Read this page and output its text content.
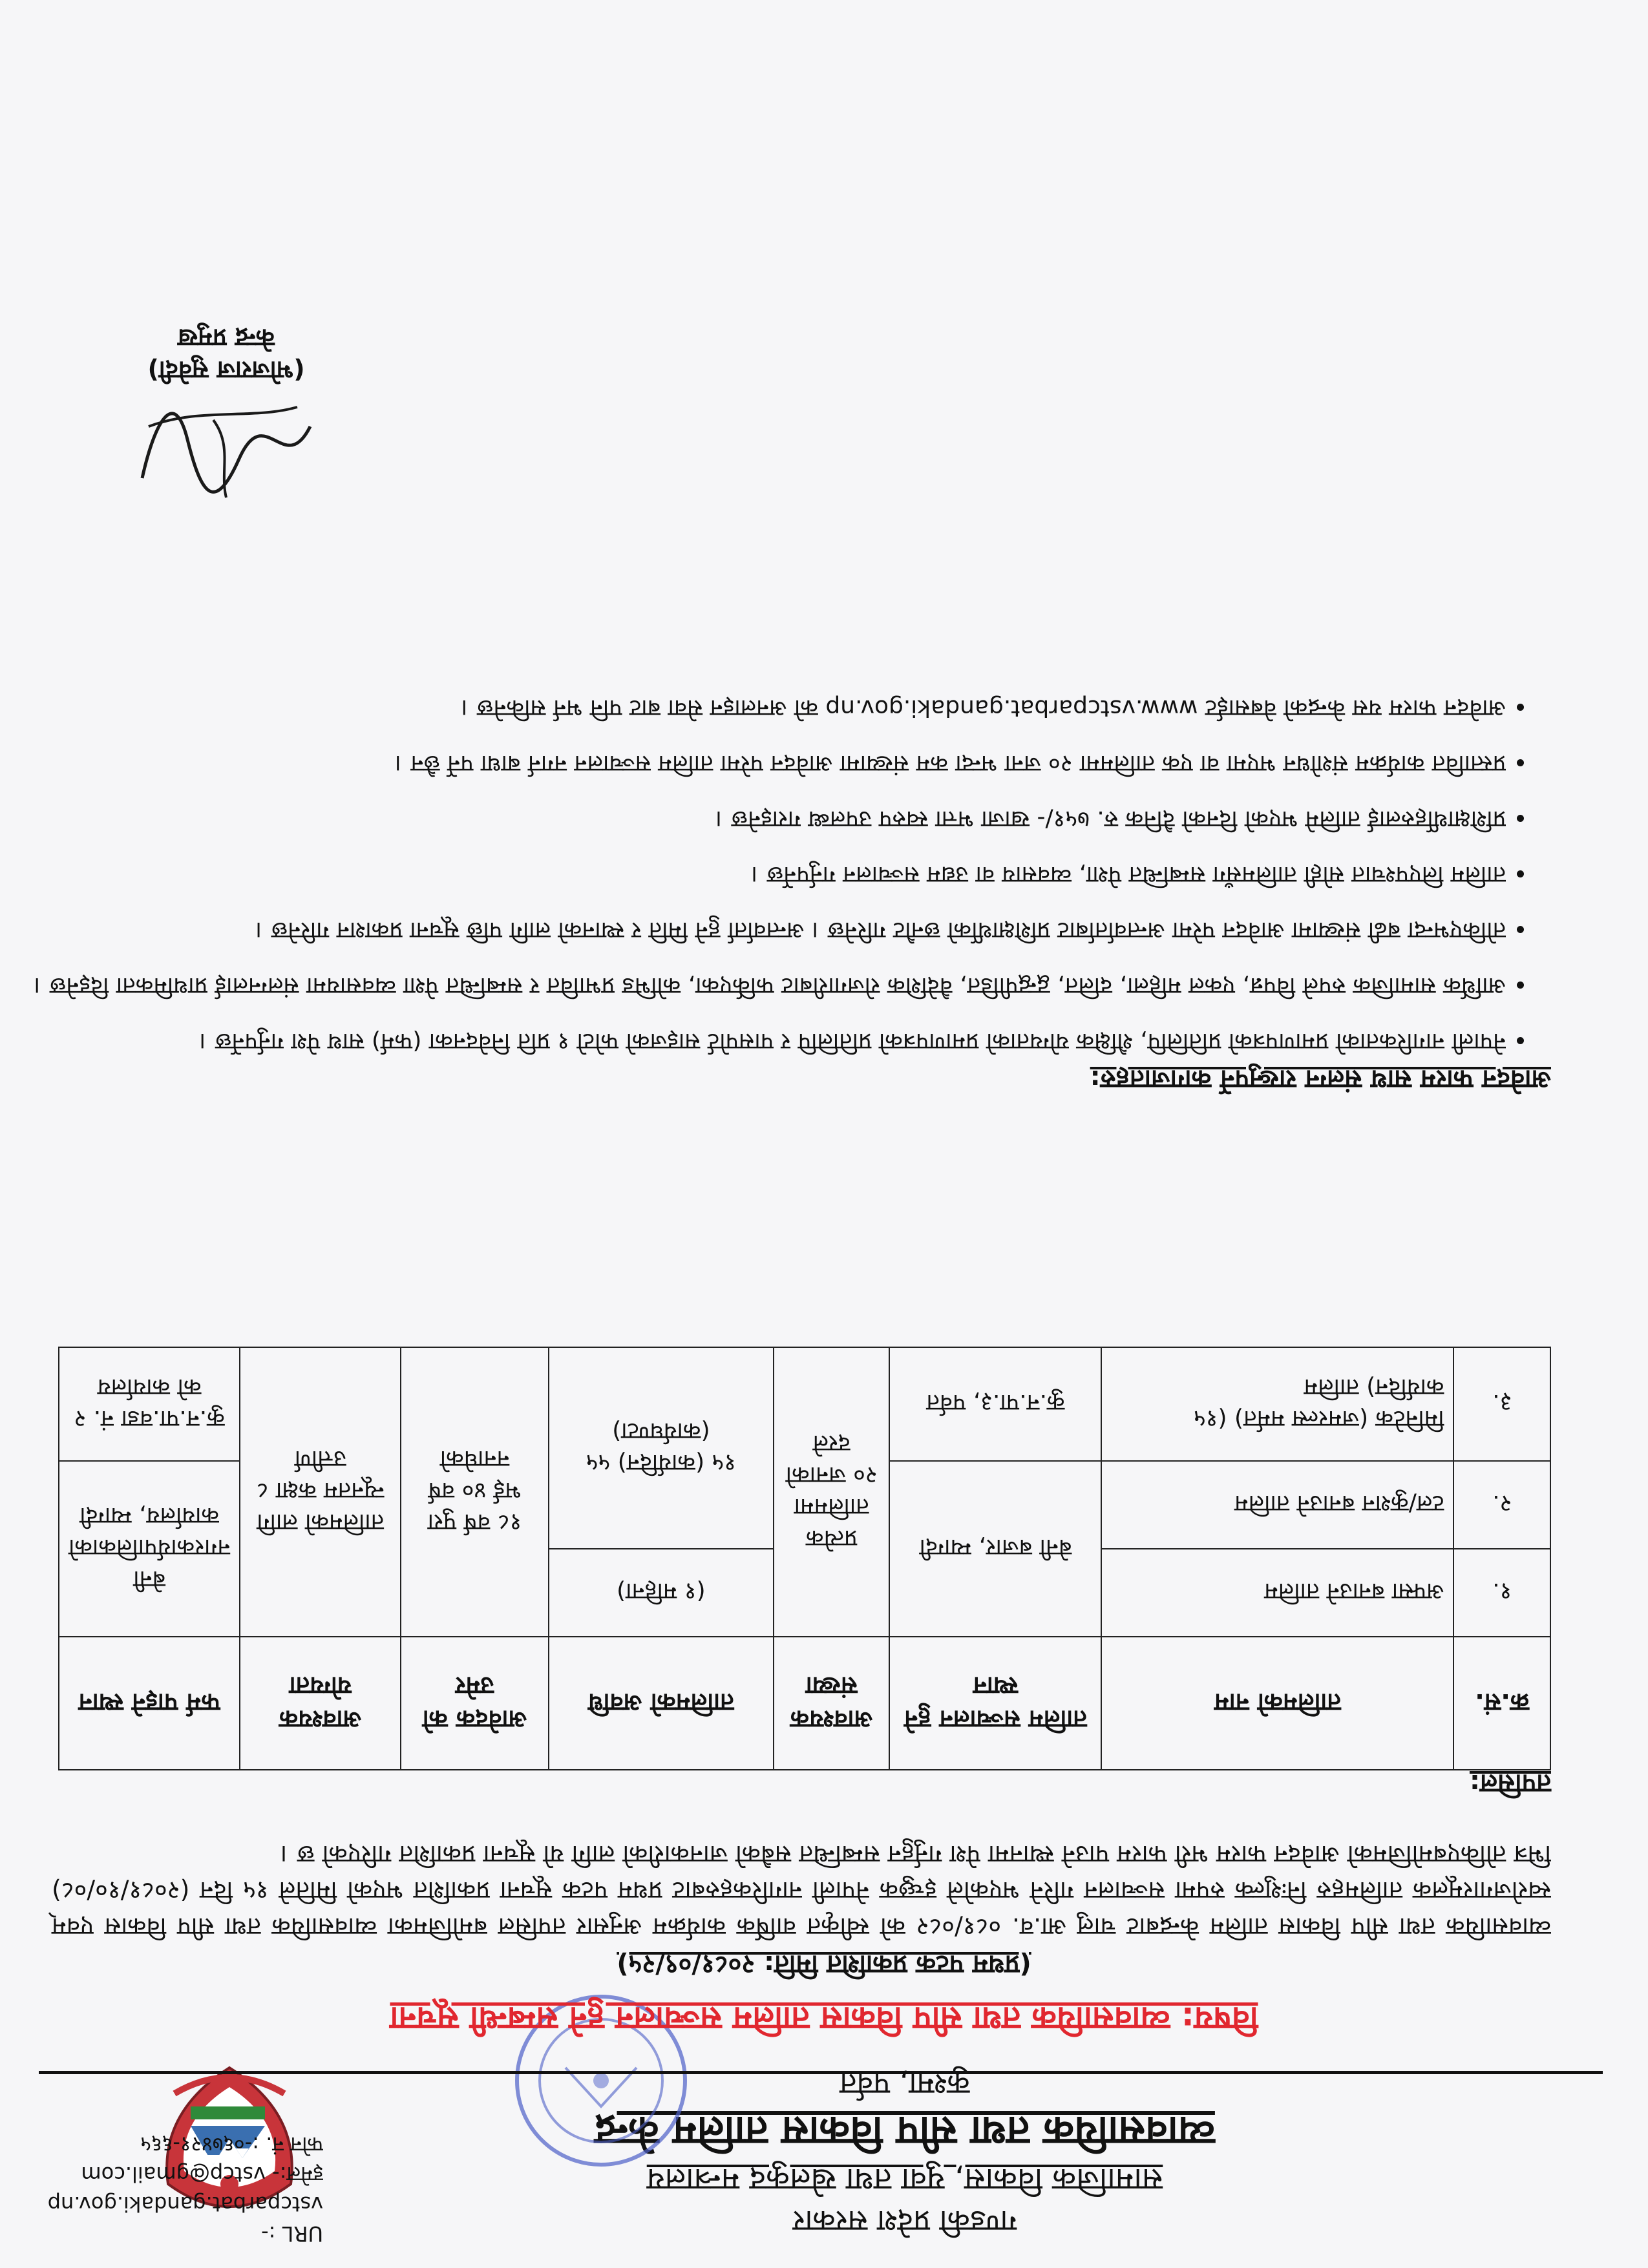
गण्डकी प्रदेश सरकार
सामाजिक विकास, युवा तथा खेलकुद मन्त्रालय
व्यावसायिक तथा सीप विकास तालिम केन्द्र
कुश्मा, पर्वत
URL :- vstcparbat.gandaki.gov.np
इमेल:- vstcp@gmail.com
फोन नं. :-०६७४२१-६६५
विषय: व्यावसायिक तथा सीप विकास तालिम सञ्चालन हुने सम्बन्धी सूचना
(प्रथम पटक प्रकाशित मिति: २०८१/०९/२५)
व्यावसायिक तथा सीप विकास तालिम केन्द्रबाट चालु आ.व. ०८१/०८२ को स्वीकृत वार्षिक कार्यक्रम अनुसार तपसिल बमोजिमका व्यावसायिक तथा सीप विकास एवम् स्वरोजगारमूलक तालिमहरु निःशुल्क रुपमा सञ्चालन गरिने भएकोले इच्छुक नेपाली नागरिकहरुबाट प्रथम पटक सूचना प्रकाशित भएको मितिले १५ दिन (२०८१/१०/०८) भित्र तोकिएबमोजिमको आवेदन फारम भरी फारम पाउने स्थानमा पेश गर्नुहुन सम्बन्धित सबैको जानकारीको लागि यो सूचना प्रकाशित गरिएको छ ।
तपसिल:
क्र.सं.	तालिमको नाम	तालिम सञ्चालन हुने स्थान	आवश्यक संख्या	तालिमको अवधि	आवेदक को उमेर	आवश्यक योग्यता	फर्म पाइने स्थान
१.	अफ्सा बनाउने तालिम	बेनी बजार, म्याग्दी	प्रत्येक तालिममा २० जनाको दरले	(१ महिना)	१८ वर्ष पुरा भई ४० वर्ष ननाघेको	तालिमको लागि न्यूनतम कक्षा ८ उत्तीर्ण	बेनी नगरकार्यपालिकाको कार्यालय, म्याग्दी
२.	टल/कुशन बनाउने तालिम			१५ (कार्यदिन) ५५ (कार्यघण्टा)			
३.	मिनिटेक (जमरल्स मर्मत) (१५ कार्यदिन) तालिम	कु.न.पा.३, पर्वत					कु.न.पा.वडा नं. २ को कार्यालय
आवेदन फारम साथ संलग्न राख्नुपर्ने कागजातहरु:
• नेपाली नागरिकताको प्रमाणपत्रको प्रतिलिपि, शैक्षिक योग्यताको प्रमाणपत्रको प्रतिलिपि र पासपोर्ट साइजको फोटो १ प्रति निवेदनका (फर्म) साथ पेश गर्नुपर्नेछ ।
• आर्थिक सामाजिक रुपले विपन्न, एकल महिला, दलित, द्वन्द्वपीडित, वैदेशिक रोजगारीबाट फर्किएका, कोभिड प्रभावित र सम्बन्धित पेशा व्यवसायमा संलग्नलाई प्राथमिकता दिइनेछ ।
• तोकिएभन्दा बढी संख्यामा आवेदन परेमा अन्तर्वार्ताबाट प्रशिक्षार्थीको छनौट गरिनेछ । अन्तर्वार्ता हुने मिति र स्थानको लागि पछि सूचना प्रकाशन गरिनेछ ।
• तालिम लिएपश्चात सोही तालिमसँग सम्बन्धित पेशा, व्यवसाय वा उद्यम सञ्चालन गर्नुपर्नेछ ।
• प्रशिक्षार्थीहरुलाई तालिमे भएको दिनको दैनिक रु. ७५१/- खाजा भत्ता स्वरुप उपलब्ध गराइनेछ ।
• प्रस्तावित कार्यक्रम संशोधन भएमा वा एक तालिममा २० जना भन्दा कम संख्यामा आवेदन परेमा तालिम सञ्चालन नगर्न बाधा पर्ने छैन ।
• आवेदन फारम यस केन्द्रको वेबसाईट www.vstcparbat.gandaki.gov.np को अनलाइन सेवा बाट पनि भर्न सकिनेछ ।
(भोजराज सुवेदी)
केन्द्र प्रमुख
